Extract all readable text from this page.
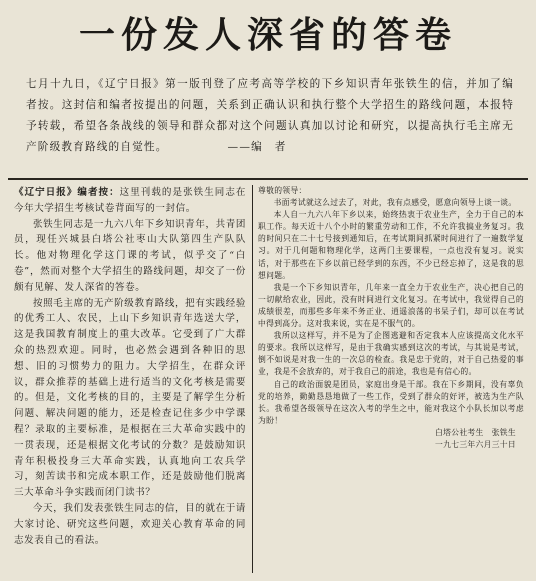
一份发人深省的答卷
七月十九日，《辽宁日报》第一版刊登了应考高等学校的下乡知识青年张铁生的信，并加了编者按。这封信和编者按提出的问题，关系到正确认识和执行整个大学招生的路线问题，本报特予转载，希望各条战线的领导和群众都对这个问题认真加以讨论和研究，以提高执行毛主席无产阶级教育路线的自觉性。	——编　者

《辽宁日报》编者按：这里刊载的是张铁生同志在今年大学招生考核试卷背面写的一封信。

张铁生同志是一九六八年下乡知识青年，共青团员，现任兴城县白塔公社枣山大队第四生产队队长。他对物理化学这门课的考试，似乎交了“白卷”，然而对整个大学招生的路线问题，却交了一份颇有见解、发人深省的答卷。

按照毛主席的无产阶级教育路线，把有实践经验的优秀工人、农民，上山下乡知识青年选送大学，这是我国教育制度上的重大改革。它受到了广大群众的热烈欢迎。同时，也必然会遇到各种旧的思想、旧的习惯势力的阻力。大学招生，在群众评议，群众推荐的基础上进行适当的文化考核是需要的。但是，文化考核的目的，主要是了解学生分析问题、解决问题的能力，还是检查记住多少中学课程？录取的主要标准，是根据在三大革命实践中的一贯表现，还是根据文化考试的分数？是鼓励知识青年积极投身三大革命实践，认真地向工农兵学习，刻苦读书和完成本职工作，还是鼓励他们脱离三大革命斗争实践而闭门读书？

今天，我们发表张铁生同志的信，目的就在于请大家讨论、研究这些问题，欢迎关心教育革命的同志发表自己的看法。

尊敬的领导：

书面考试就这么过去了，对此，我有点感受，愿意向领导上谈一谈。

本人自一九六八年下乡以来，始终热衷于农业生产，全力于自己的本职工作。每天近十八个小时的繁重劳动和工作，不允许我搞业务复习。我的时间只在二十七号接到通知后，在考试期间抓紧时间进行了一遍数学复习。对于几何题和物理化学，这两门主要课程，一点也没有复习。说实话，对于那些在下乡以前已经学到的东西，不少已经忘掉了，这是我的思想问题。

我是一个下乡知识青年，几年来一直全力于农业生产，决心把自己的一切献给农业，因此，没有时间进行文化复习。在考试中，我觉得自己的成绩很差，而那些多年来不务正业、逍遥浪荡的书呆子们，却可以在考试中得到高分。这对我来说，实在是不服气的。

我所以这样写，并不是为了企图逃避和否定我本人应该提高文化水平的要求。我所以这样写，是由于我确实感到这次的考试，与其说是考试，倒不如说是对我一生的一次总的检查。我是忠于党的，对于自己热爱的事业，我是不会放弃的，对于我自己的前途，我也是有信心的。

自己的政治面貌是团员，家庭出身是干部。我在下乡期间，没有辜负党的培养，勤勤恳恳地做了一些工作，受到了群众的好评，被选为生产队长。我希望各级领导在这次入考的学生之中，能对我这个小队长加以考虑为盼！

白塔公社考生　张铁生

一九七三年六月三十日
